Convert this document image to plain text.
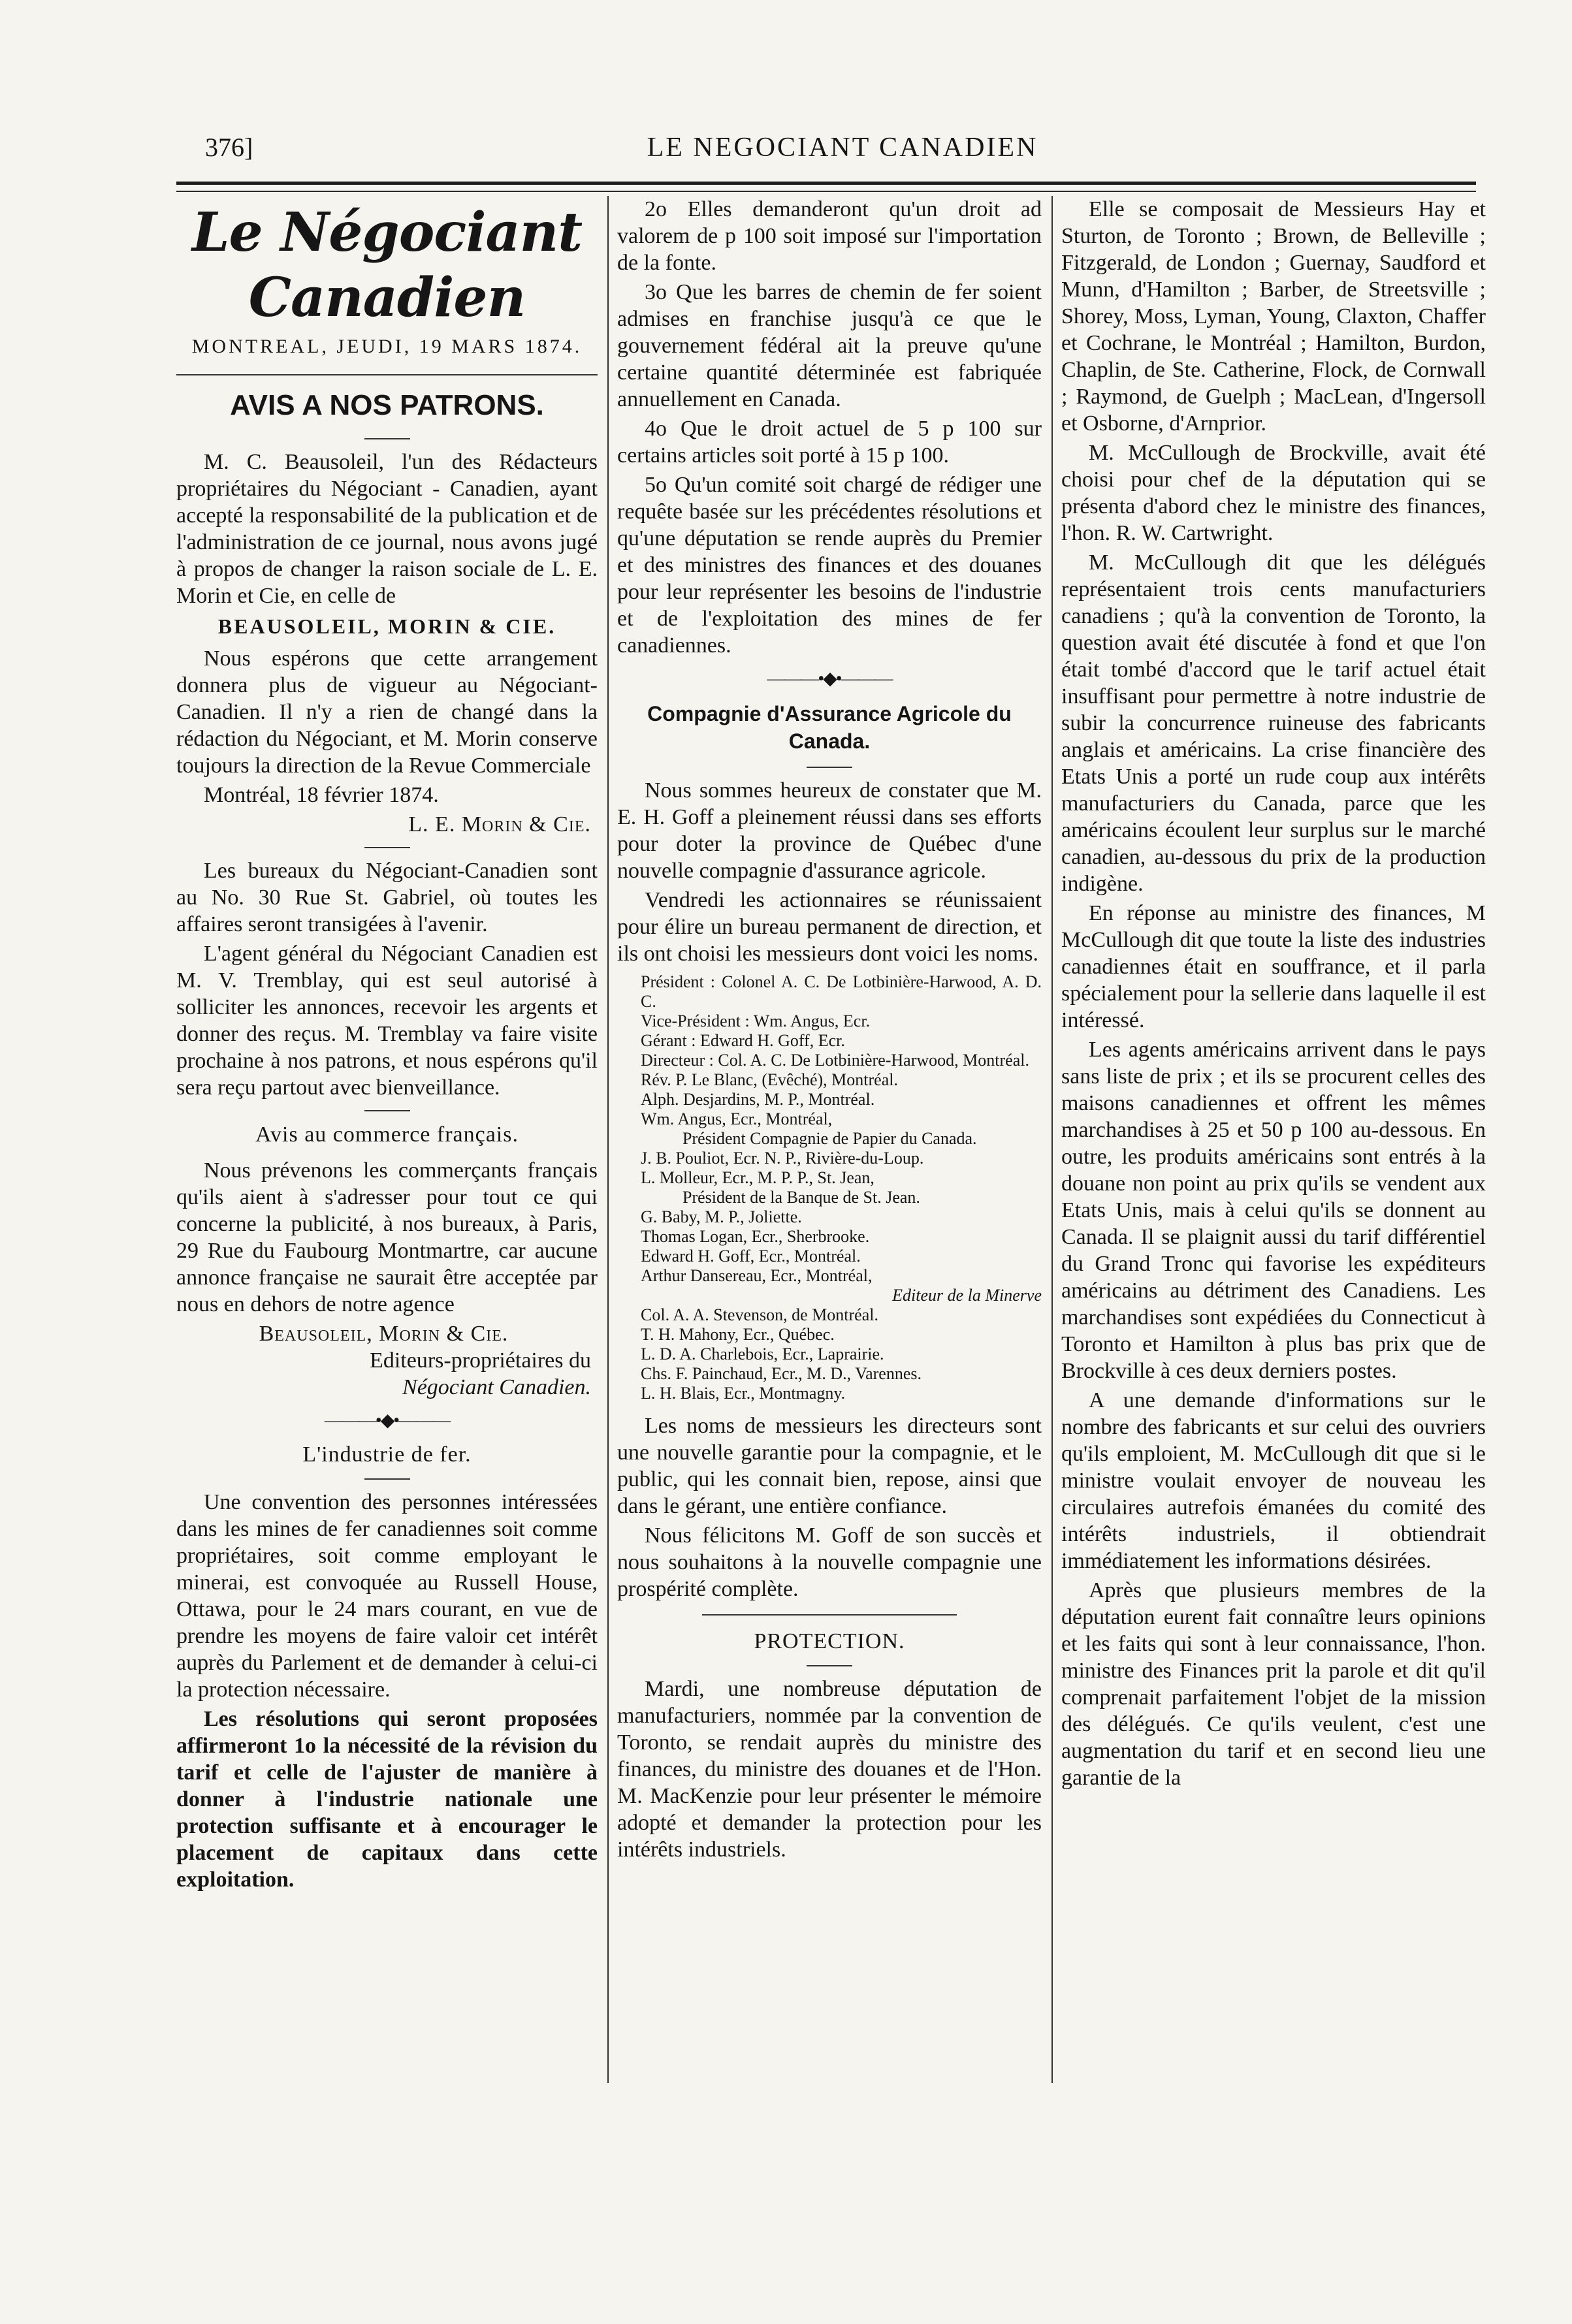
376]	LE NEGOCIANT CANADIEN
Le Négociant Canadien
MONTREAL, JEUDI, 19 MARS 1874.
AVIS A NOS PATRONS.

M. C. Beausoleil, l'un des Rédacteurs propriétaires du Négociant - Canadien, ayant accepté la responsabilité de la publication et de l'administration de ce journal, nous avons jugé à propos de changer la raison sociale de L. E. Morin et Cie, en celle de

BEAUSOLEIL, MORIN & CIE.

Nous espérons que cette arrangement donnera plus de vigueur au Négociant-Canadien. Il n'y a rien de changé dans la rédaction du Négociant, et M. Morin conserve toujours la direction de la Revue Commerciale

Montréal, 18 février 1874.

L. E. Morin & Cie.

Les bureaux du Négociant-Canadien sont au No. 30 Rue St. Gabriel, où toutes les affaires seront transigées à l'avenir.

L'agent général du Négociant Canadien est M. V. Tremblay, qui est seul autorisé à solliciter les annonces, recevoir les argents et donner des reçus. M. Tremblay va faire visite prochaine à nos patrons, et nous espérons qu'il sera reçu partout avec bienveillance.

Avis au commerce français.

Nous prévenons les commerçants français qu'ils aient à s'adresser pour tout ce qui concerne la publicité, à nos bureaux, à Paris, 29 Rue du Faubourg Montmartre, car aucune annonce française ne saurait être acceptée par nous en dehors de notre agence

Beausoleil, Morin & Cie.
Editeurs-propriétaires du
Négociant Canadien.
———•◆•———
L'industrie de fer.

Une convention des personnes intéressées dans les mines de fer canadiennes soit comme propriétaires, soit comme employant le minerai, est convoquée au Russell House, Ottawa, pour le 24 mars courant, en vue de prendre les moyens de faire valoir cet intérêt auprès du Parlement et de demander à celui-ci la protection nécessaire.

Les résolutions qui seront proposées affirmeront 1o la nécessité de la révision du tarif et celle de l'ajuster de manière à donner à l'industrie nationale une protection suffisante et à encourager le placement de capitaux dans cette exploitation.

2o Elles demanderont qu'un droit ad valorem de p 100 soit imposé sur l'importation de la fonte.

3o Que les barres de chemin de fer soient admises en franchise jusqu'à ce que le gouvernement fédéral ait la preuve qu'une certaine quantité déterminée est fabriquée annuellement en Canada.

4o Que le droit actuel de 5 p 100 sur certains articles soit porté à 15 p 100.

5o Qu'un comité soit chargé de rédiger une requête basée sur les précédentes résolutions et qu'une députation se rende auprès du Premier et des ministres des finances et des douanes pour leur représenter les besoins de l'industrie et de l'exploitation des mines de fer canadiennes.

———•◆•———
Compagnie d'Assurance Agricole du Canada.

Nous sommes heureux de constater que M. E. H. Goff a pleinement réussi dans ses efforts pour doter la province de Québec d'une nouvelle compagnie d'assurance agricole.

Vendredi les actionnaires se réunissaient pour élire un bureau permanent de direction, et ils ont choisi les messieurs dont voici les noms.

Président : Colonel A. C. De Lotbinière-Harwood, A. D. C.
Vice-Président : Wm. Angus, Ecr.
Gérant : Edward H. Goff, Ecr.
Directeur : Col. A. C. De Lotbinière-Harwood, Montréal.
Rév. P. Le Blanc, (Evêché), Montréal.
Alph. Desjardins, M. P., Montréal.
Wm. Angus, Ecr., Montréal,
Président Compagnie de Papier du Canada.
J. B. Pouliot, Ecr. N. P., Rivière-du-Loup.
L. Molleur, Ecr., M. P. P., St. Jean,
Président de la Banque de St. Jean.
G. Baby, M. P., Joliette.
Thomas Logan, Ecr., Sherbrooke.
Edward H. Goff, Ecr., Montréal.
Arthur Dansereau, Ecr., Montréal,
Editeur de la Minerve
Col. A. A. Stevenson, de Montréal.
T. H. Mahony, Ecr., Québec.
L. D. A. Charlebois, Ecr., Laprairie.
Chs. F. Painchaud, Ecr., M. D., Varennes.
L. H. Blais, Ecr., Montmagny.

Les noms de messieurs les directeurs sont une nouvelle garantie pour la compagnie, et le public, qui les connait bien, repose, ainsi que dans le gérant, une entière confiance.

Nous félicitons M. Goff de son succès et nous souhaitons à la nouvelle compagnie une prospérité complète.

PROTECTION.

Mardi, une nombreuse députation de manufacturiers, nommée par la convention de Toronto, se rendait auprès du ministre des finances, du ministre des douanes et de l'Hon. M. MacKenzie pour leur présenter le mémoire adopté et demander la protection pour les intérêts industriels.

Elle se composait de Messieurs Hay et Sturton, de Toronto ; Brown, de Belleville ; Fitzgerald, de London ; Guernay, Saudford et Munn, d'Hamilton ; Barber, de Streetsville ; Shorey, Moss, Lyman, Young, Claxton, Chaffer et Cochrane, le Montréal ; Hamilton, Burdon, Chaplin, de Ste. Catherine, Flock, de Cornwall ; Raymond, de Guelph ; MacLean, d'Ingersoll et Osborne, d'Arnprior.

M. McCullough de Brockville, avait été choisi pour chef de la députation qui se présenta d'abord chez le ministre des finances, l'hon. R. W. Cartwright.

M. McCullough dit que les délégués représentaient trois cents manufacturiers canadiens ; qu'à la convention de Toronto, la question avait été discutée à fond et que l'on était tombé d'accord que le tarif actuel était insuffisant pour permettre à notre industrie de subir la concurrence ruineuse des fabricants anglais et américains. La crise financière des Etats Unis a porté un rude coup aux intérêts manufacturiers du Canada, parce que les américains écoulent leur surplus sur le marché canadien, au-dessous du prix de la production indigène.

En réponse au ministre des finances, M McCullough dit que toute la liste des industries canadiennes était en souffrance, et il parla spécialement pour la sellerie dans laquelle il est intéressé.

Les agents américains arrivent dans le pays sans liste de prix ; et ils se procurent celles des maisons canadiennes et offrent les mêmes marchandises à 25 et 50 p 100 au-dessous. En outre, les produits américains sont entrés à la douane non point au prix qu'ils se vendent aux Etats Unis, mais à celui qu'ils se donnent au Canada. Il se plaignit aussi du tarif différentiel du Grand Tronc qui favorise les expéditeurs américains au détriment des Canadiens. Les marchandises sont expédiées du Connecticut à Toronto et Hamilton à plus bas prix que de Brockville à ces deux derniers postes.

A une demande d'informations sur le nombre des fabricants et sur celui des ouvriers qu'ils emploient, M. McCullough dit que si le ministre voulait envoyer de nouveau les circulaires autrefois émanées du comité des intérêts industriels, il obtiendrait immédiatement les informations désirées.

Après que plusieurs membres de la députation eurent fait connaître leurs opinions et les faits qui sont à leur connaissance, l'hon. ministre des Finances prit la parole et dit qu'il comprenait parfaitement l'objet de la mission des délégués. Ce qu'ils veulent, c'est une augmentation du tarif et en second lieu une garantie de la
